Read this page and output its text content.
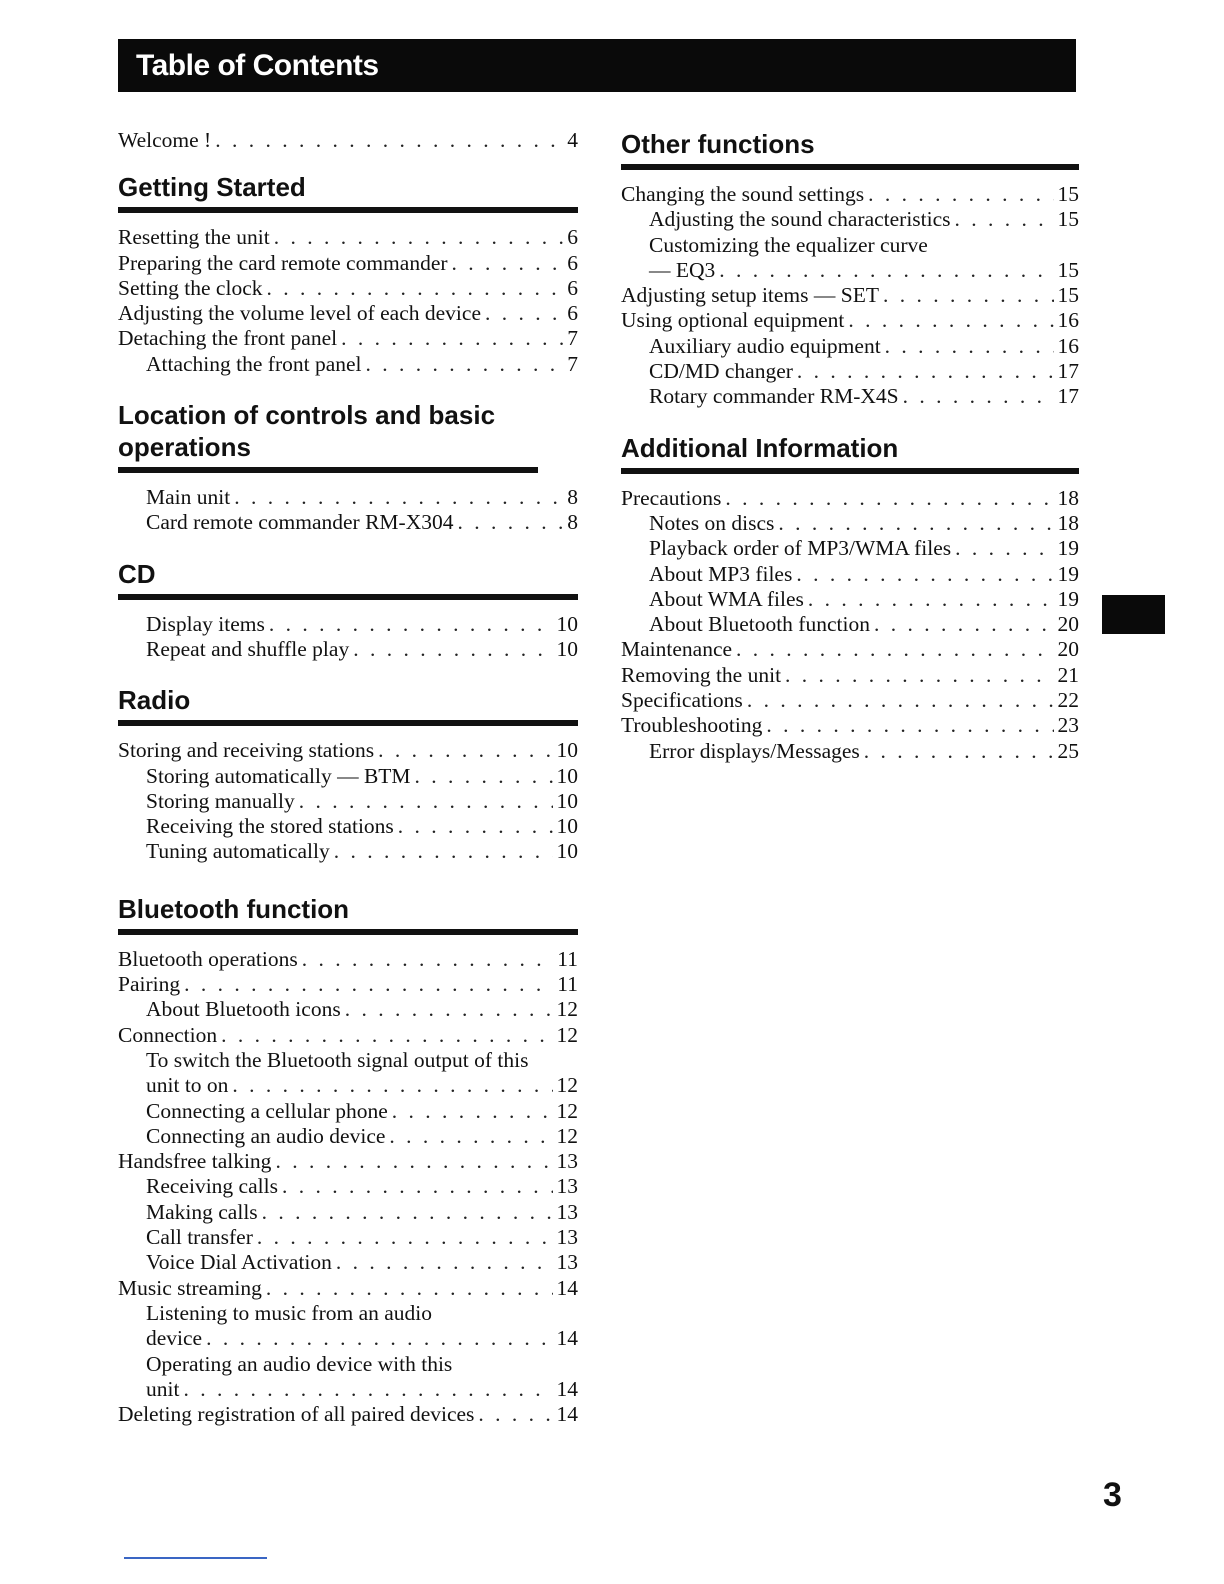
Table of Contents
Welcome ! . . .	4
Getting Started
Resetting the unit . . .	6
Preparing the card remote commander . . .	6
Setting the clock . . .	6
Adjusting the volume level of each device . . .	6
Detaching the front panel . . .	7
Attaching the front panel . . .	7
Location of controls and basic operations
Main unit . . .	8
Card remote commander RM-X304 . . .	8
CD
Display items . . .	10
Repeat and shuffle play . . .	10
Radio
Storing and receiving stations . . .	10
Storing automatically — BTM . . .	10
Storing manually . . .	10
Receiving the stored stations . . .	10
Tuning automatically . . .	10
Bluetooth function
Bluetooth operations . . .	11
Pairing . . .	11
About Bluetooth icons . . .	12
Connection . . .	12
To switch the Bluetooth signal output of this
unit to on . . .	12
Connecting a cellular phone . . .	12
Connecting an audio device . . .	12
Handsfree talking . . .	13
Receiving calls . . .	13
Making calls . . .	13
Call transfer . . .	13
Voice Dial Activation . . .	13
Music streaming . . .	14
Listening to music from an audio
device . . .	14
Operating an audio device with this
unit . . .	14
Deleting registration of all paired devices . . .	14
Other functions
Changing the sound settings . . .	15
Adjusting the sound characteristics . . .	15
Customizing the equalizer curve
— EQ3 . . .	15
Adjusting setup items — SET . . .	15
Using optional equipment . . .	16
Auxiliary audio equipment . . .	16
CD/MD changer . . .	17
Rotary commander RM-X4S . . .	17
Additional Information
Precautions . . .	18
Notes on discs . . .	18
Playback order of MP3/WMA files . . .	19
About MP3 files . . .	19
About WMA files . . .	19
About Bluetooth function . . .	20
Maintenance . . .	20
Removing the unit . . .	21
Specifications . . .	22
Troubleshooting . . .	23
Error displays/Messages . . .	25
3
